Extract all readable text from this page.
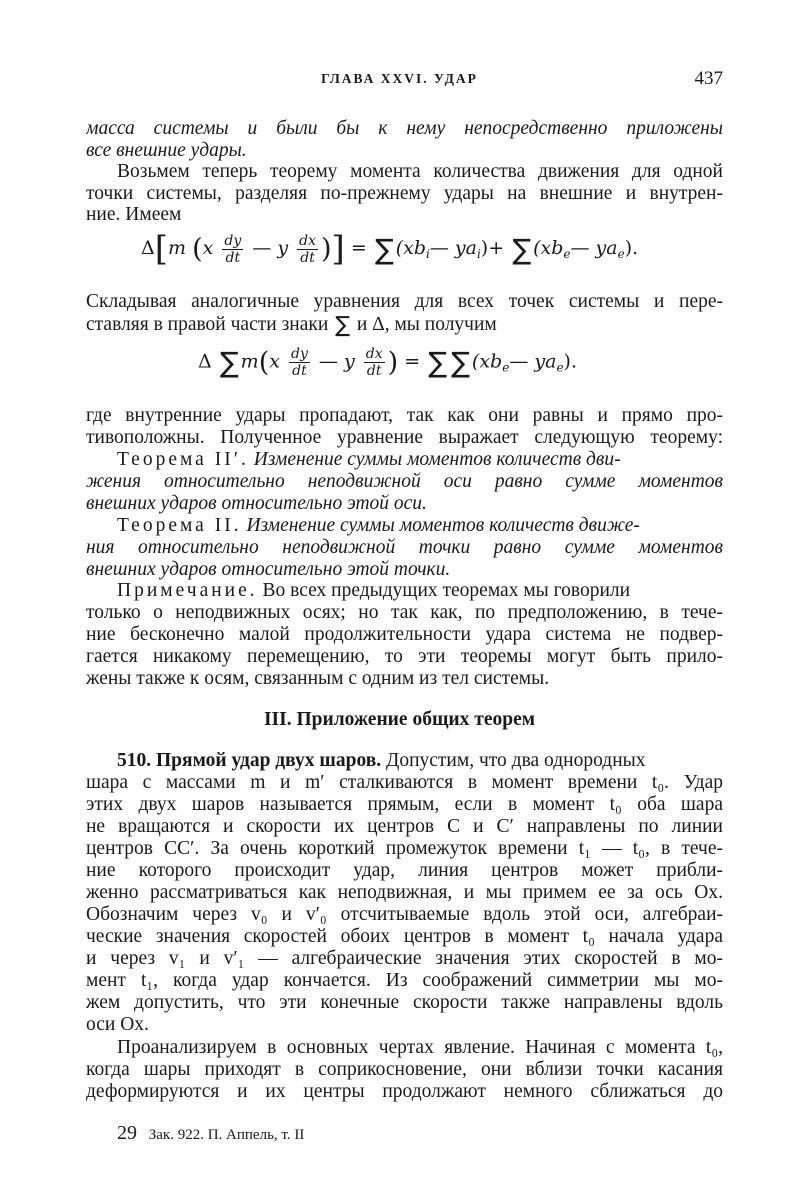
ГЛАВА XXVI. УДАР	437
масса системы и были бы к нему непосредственно приложены
все внешние удары.
Возьмем теперь теорему момента количества движения для одной
точки системы, разделяя по-прежнему удары на внешние и внутрен-
ние. Имеем
Δ[m ($x \frac{dy}{dt}$ — y $\frac{dx}{dt}$ )] = ∑ ($xb_i—$ $ya_i)+$ ∑ ($xb_e—$ $ya_e$).
Складывая аналогичные уравнения для всех точек системы и пере-
ставляя в правой части знаки ∑ и Δ, мы получим
Δ ∑ $m(x \frac{dy}{dt}$ — y $\frac{dx}{dt}$ ) = ∑ ∑ ($xb_e—$ $ya_e$).
где внутренние удары пропадают, так как они равны и прямо про-
тивоположны. Полученное уравнение выражает следующую теорему:
Теорема II′. Изменение суммы моментов количеств дви-
жения относительно неподвижной оси равно сумме моментов
внешних ударов относительно этой оси.
Теорема II. Изменение суммы моментов количеств движе-
ния относительно неподвижной точки равно сумме моментов
внешних ударов относительно этой точки.
Примечание. Во всех предыдущих теоремах мы говорили
только о неподвижных осях; но так как, по предположению, в тече-
ние бесконечно малой продолжительности удара система не подвер-
гается никакому перемещению, то эти теоремы могут быть прило-
жены также к осям, связанным с одним из тел системы.
III. Приложение общих теорем
510. Прямой удар двух шаров. Допустим, что два однородных
шара с массами m и m′ сталкиваются в момент времени t₀. Удар
этих двух шаров называется прямым, если в момент t₀ оба шара
не вращаются и скорости их центров C и C′ направлены по линии
центров CC′. За очень короткий промежуток времени t₁ — t₀, в тече-
ние которого происходит удар, линия центров может прибли-
женно рассматриваться как неподвижная, и мы примем ее за ось Ox.
Обозначим через v₀ и v′₀ отсчитываемые вдоль этой оси, алгебраи-
ческие значения скоростей обоих центров в момент t₀ начала удара
и через v₁ и v′₁ — алгебраические значения этих скоростей в мо-
мент t₁, когда удар кончается. Из соображений симметрии мы мо-
жем допустить, что эти конечные скорости также направлены вдоль
оси Ox.
Проанализируем в основных чертах явление. Начиная с момента t₀,
когда шары приходят в соприкосновение, они вблизи точки касания
деформируются и их центры продолжают немного сближаться до
29 Зак. 922. П. Аппель, т. II
